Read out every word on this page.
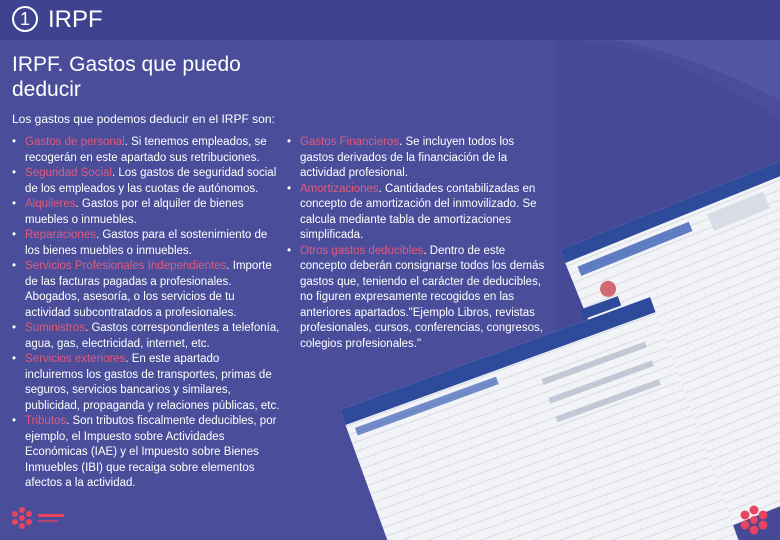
1 IRPF
IRPF. Gastos que puedo deducir
Los gastos que podemos deducir en el IRPF son:
• Gastos de personal. Si tenemos empleados, se recogerán en este apartado sus retribuciones.
• Seguridad Social. Los gastos de seguridad social de los empleados y las cuotas de autónomos.
• Alquileres. Gastos por el alquiler de bienes muebles o inmuebles.
• Reparaciones. Gastos para el sostenimiento de los bienes muebles o inmuebles.
• Servicios Profesionales Independientes. Importe de las facturas pagadas a profesionales. Abogados, asesoría, o los servicios de tu actividad subcontratados a profesionales.
• Suministros. Gastos correspondientes a telefonía, agua, gas, electricidad, internet, etc.
• Servicios exteriores. En este apartado incluiremos los gastos de transportes, primas de seguros, servicios bancarios y similares, publicidad, propaganda y relaciones públicas, etc.
• Tributos. Son tributos fiscalmente deducibles, por ejemplo, el Impuesto sobre Actividades Económicas (IAE) y el Impuesto sobre Bienes Inmuebles (IBI) que recaiga sobre elementos afectos a la actividad.
• Gastos Financieros. Se incluyen todos los gastos derivados de la financiación de la actividad profesional.
• Amortizaciones. Cantidades contabilizadas en concepto de amortización del inmovilizado. Se calcula mediante tabla de amortizaciones simplificada.
• Otros gastos deducibles. Dentro de este concepto deberán consignarse todos los demás gastos que, teniendo el carácter de deducibles, no figuren expresamente recogidos en las anteriores apartados."Ejemplo Libros, revistas profesionales, cursos, conferencias, congresos, colegios profesionales."
